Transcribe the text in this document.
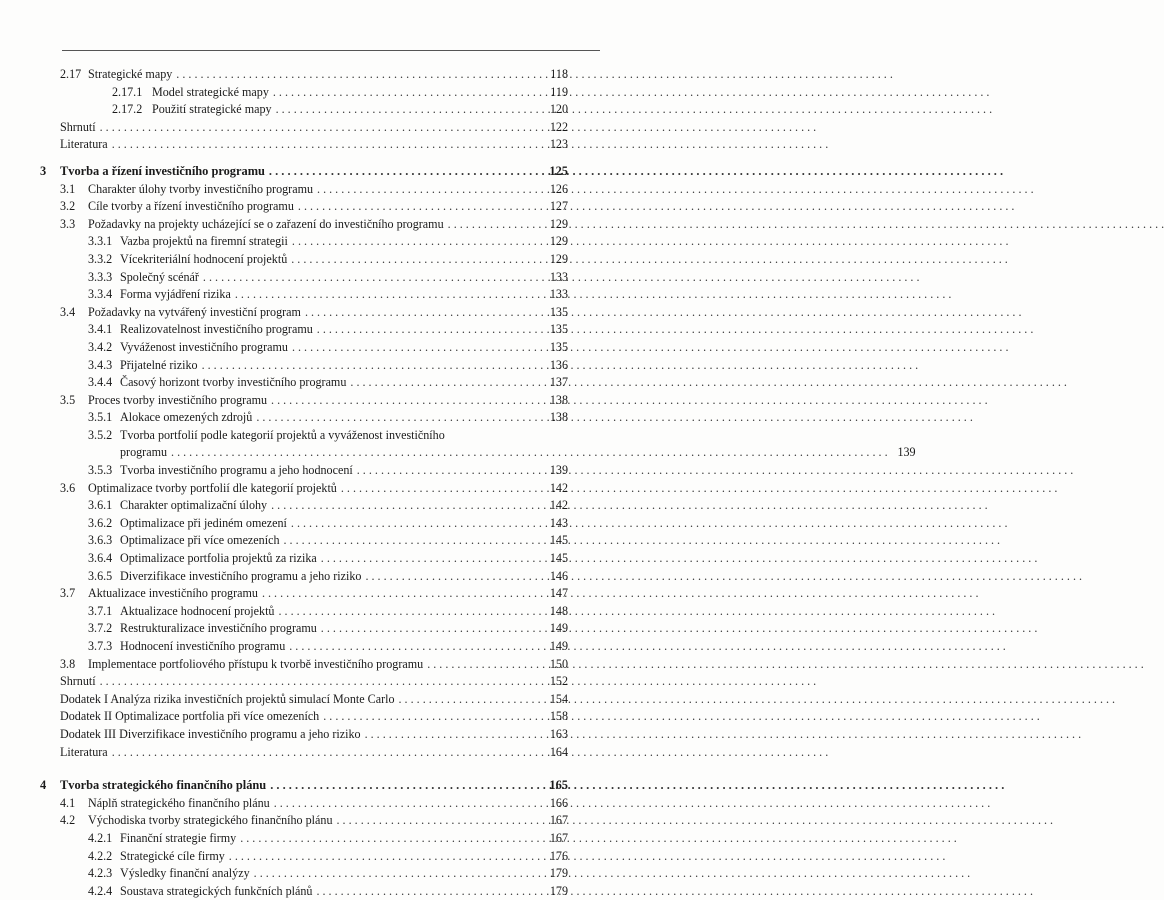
2.17 Strategické mapy . . .	118
2.17.1 Model strategické mapy . . .	119
2.17.2 Použití strategické mapy . . .	120
Shrnutí . . .	122
Literatura . . .	123
3	Tvorba a řízení investičního programu . . .	125
3.1	Charakter úlohy tvorby investičního programu . . .	126
3.2	Cíle tvorby a řízení investičního programu . . .	127
3.3	Požadavky na projekty ucházející se o zařazení do investičního programu . . .	129
3.3.1 Vazba projektů na firemní strategii . . .	129
3.3.2 Vícekriteriální hodnocení projektů . . .	129
3.3.3 Společný scénář . . .	133
3.3.4 Forma vyjádření rizika . . .	133
3.4	Požadavky na vytvářený investiční program . . .	135
3.4.1 Realizovatelnost investičního programu . . .	135
3.4.2 Vyváženost investičního programu . . .	135
3.4.3 Přijatelné riziko . . .	136
3.4.4 Časový horizont tvorby investičního programu . . .	137
3.5	Proces tvorby investičního programu . . .	138
3.5.1 Alokace omezených zdrojů . . .	138
3.5.2 Tvorba portfolií podle kategorií projektů a vyváženost investičního
programu . . .	139
3.5.3 Tvorba investičního programu a jeho hodnocení . . .	139
3.6	Optimalizace tvorby portfolií dle kategorií projektů . . .	142
3.6.1 Charakter optimalizační úlohy . . .	142
3.6.2 Optimalizace při jediném omezení . . .	143
3.6.3 Optimalizace při více omezeních . . .	145
3.6.4 Optimalizace portfolia projektů za rizika . . .	145
3.6.5 Diverzifikace investičního programu a jeho riziko . . .	146
3.7	Aktualizace investičního programu . . .	147
3.7.1 Aktualizace hodnocení projektů . . .	148
3.7.2 Restrukturalizace investičního programu . . .	149
3.7.3 Hodnocení investičního programu . . .	149
3.8	Implementace portfoliového přístupu k tvorbě investičního programu . . .	150
Shrnutí . . .	152
Dodatek I Analýza rizika investičních projektů simulací Monte Carlo . . .	154
Dodatek II Optimalizace portfolia při více omezeních . . .	158
Dodatek III Diverzifikace investičního programu a jeho riziko . . .	163
Literatura . . .	164
4	Tvorba strategického finančního plánu . . .	165
4.1	Náplň strategického finančního plánu . . .	166
4.2	Východiska tvorby strategického finančního plánu . . .	167
4.2.1 Finanční strategie firmy . . .	167
4.2.2 Strategické cíle firmy . . .	176
4.2.3 Výsledky finanční analýzy . . .	179
4.2.4 Soustava strategických funkčních plánů . . .	179
